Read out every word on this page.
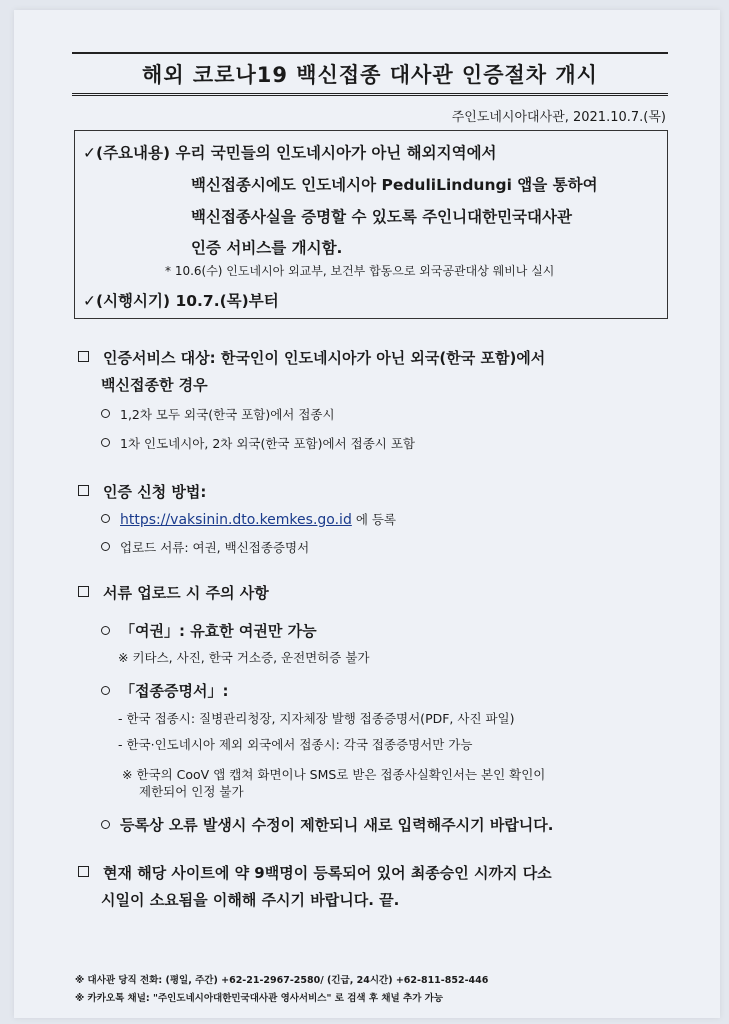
해외 코로나19 백신접종 대사관 인증절차 개시
주인도네시아대사관, 2021.10.7.(목)
✓(주요내용) 우리 국민들의 인도네시아가 아닌 해외지역에서
백신접종시에도 인도네시아 PeduliLindungi 앱을 통하여
백신접종사실을 증명할 수 있도록 주인니대한민국대사관
인증 서비스를 개시함.
* 10.6(수) 인도네시아 외교부, 보건부 합동으로 외국공관대상 웨비나 실시
✓(시행시기) 10.7.(목)부터
인증서비스 대상: 한국인이 인도네시아가 아닌 외국(한국 포함)에서
백신접종한 경우
1,2차 모두 외국(한국 포함)에서 접종시
1차 인도네시아, 2차 외국(한국 포함)에서 접종시 포함
인증 신청 방법:
https://vaksinin.dto.kemkes.go.id 에 등록
업로드 서류: 여권, 백신접종증명서
서류 업로드 시 주의 사항
「여권」: 유효한 여권만 가능
※ 키타스, 사진, 한국 거소증, 운전면허증 불가
「접종증명서」:
- 한국 접종시: 질병관리청장, 지자체장 발행 접종증명서(PDF, 사진 파일)
- 한국·인도네시아 제외 외국에서 접종시: 각국 접종증명서만 가능
※ 한국의 CooV 앱 캡쳐 화면이나 SMS로 받은 접종사실확인서는 본인 확인이
제한되어 인정 불가
등록상 오류 발생시 수정이 제한되니 새로 입력해주시기 바랍니다.
현재 해당 사이트에 약 9백명이 등록되어 있어 최종승인 시까지 다소
시일이 소요됨을 이해해 주시기 바랍니다. 끝.
※ 대사관 당직 전화: (평일, 주간) +62-21-2967-2580/ (긴급, 24시간) +62-811-852-446
※ 카카오톡 채널: "주인도네시아대한민국대사관 영사서비스" 로 검색 후 채널 추가 가능
